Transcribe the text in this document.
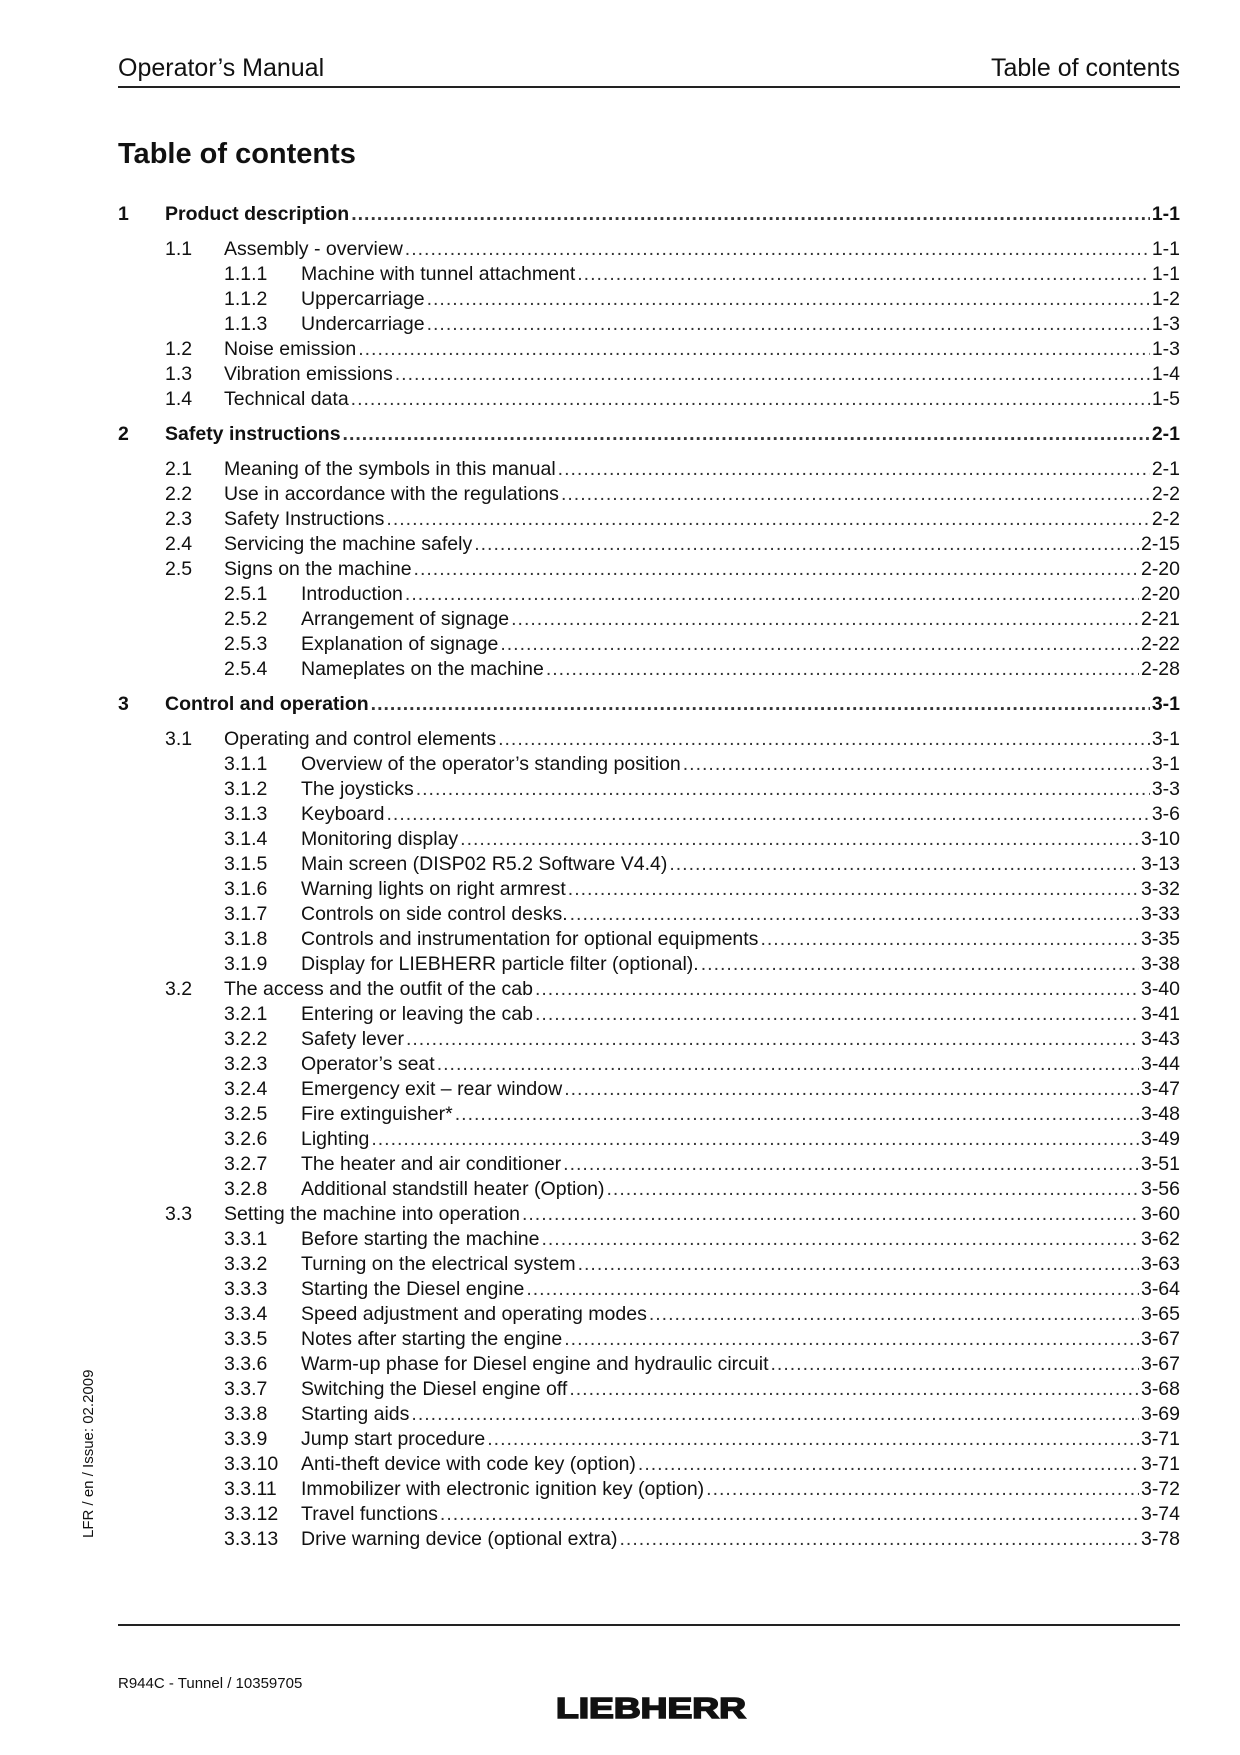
Operator’s Manual	Table of contents
Table of contents
1 Product description .....	1-1
1.1 Assembly - overview .....	1-1
1.1.1 Machine with tunnel attachment .....	1-1
1.1.2 Uppercarriage .....	1-2
1.1.3 Undercarriage .....	1-3
1.2 Noise emission .....	1-3
1.3 Vibration emissions .....	1-4
1.4 Technical data .....	1-5
2 Safety instructions .....	2-1
2.1 Meaning of the symbols in this manual .....	2-1
2.2 Use in accordance with the regulations .....	2-2
2.3 Safety Instructions .....	2-2
2.4 Servicing the machine safely .....	2-15
2.5 Signs on the machine .....	2-20
2.5.1 Introduction .....	2-20
2.5.2 Arrangement of signage .....	2-21
2.5.3 Explanation of signage .....	2-22
2.5.4 Nameplates on the machine .....	2-28
3 Control and operation .....	3-1
3.1 Operating and control elements .....	3-1
3.1.1 Overview of the operator’s standing position .....	3-1
3.1.2 The joysticks .....	3-3
3.1.3 Keyboard .....	3-6
3.1.4 Monitoring display .....	3-10
3.1.5 Main screen (DISP02 R5.2 Software V4.4) .....	3-13
3.1.6 Warning lights on right armrest .....	3-32
3.1.7 Controls on side control desks. .....	3-33
3.1.8 Controls and instrumentation for optional equipments .....	3-35
3.1.9 Display for LIEBHERR particle filter (optional). .....	3-38
3.2 The access and the outfit of the cab .....	3-40
3.2.1 Entering or leaving the cab .....	3-41
3.2.2 Safety lever .....	3-43
3.2.3 Operator’s seat .....	3-44
3.2.4 Emergency exit – rear window .....	3-47
3.2.5 Fire extinguisher* .....	3-48
3.2.6 Lighting .....	3-49
3.2.7 The heater and air conditioner .....	3-51
3.2.8 Additional standstill heater (Option) .....	3-56
3.3 Setting the machine into operation .....	3-60
3.3.1 Before starting the machine .....	3-62
3.3.2 Turning on the electrical system .....	3-63
3.3.3 Starting the Diesel engine .....	3-64
3.3.4 Speed adjustment and operating modes .....	3-65
3.3.5 Notes after starting the engine .....	3-67
3.3.6 Warm-up phase for Diesel engine and hydraulic circuit .....	3-67
3.3.7 Switching the Diesel engine off .....	3-68
3.3.8 Starting aids .....	3-69
3.3.9 Jump start procedure .....	3-71
3.3.10 Anti-theft device with code key (option) .....	3-71
3.3.11 Immobilizer with electronic ignition key (option) .....	3-72
3.3.12 Travel functions .....	3-74
3.3.13 Drive warning device (optional extra) .....	3-78
LFR / en / Issue: 02.2009
R944C - Tunnel / 10359705
LIEBHERR
